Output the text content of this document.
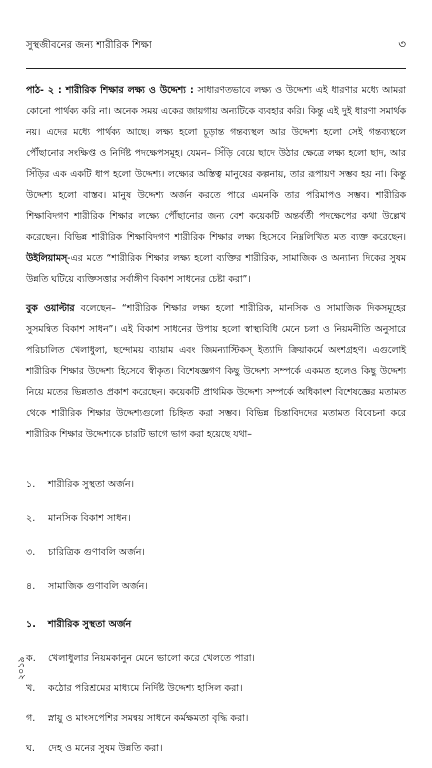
সুস্থজীবনের জন্য শারীরিক শিক্ষা	৩

পাঠ- ২ : শারীরিক শিক্ষার লক্ষ্য ও উদ্দেশ্য : সাধারণতভাবে লক্ষ্য ও উদ্দেশ্য এই ধারণার মধ্যে আমরা কোনো পার্থক্য করি না। অনেক সময় একের জায়গায় অন্যটিকে ব্যবহার করি। কিন্তু এই দুই ধারণা সমার্থক নয়। এদের মধ্যে পার্থক্য আছে। লক্ষ্য হলো চূড়ান্ত গন্তব্যস্থল আর উদ্দেশ্য হলো সেই গন্তব্যস্থলে পৌঁছানোর সংক্ষিপ্ত ও নির্দিষ্ট পদক্ষেপসমূহ। যেমন– সিঁড়ি বেয়ে ছাদে উঠার ক্ষেত্রে লক্ষ্য হলো ছাদ, আর সিঁড়ির এক একটি ধাপ হলো উদ্দেশ্য। লক্ষ্যের অস্তিত্ব মানুষের কল্পনায়, তার রূপায়ণ সম্ভব হয় না। কিন্তু উদ্দেশ্য হলো বাস্তব। মানুষ উদ্দেশ্য অর্জন করতে পারে এমনকি তার পরিমাপও সম্ভব। শারীরিক শিক্ষাবিদগণ শারীরিক শিক্ষার লক্ষ্যে পৌঁছানোর জন্য বেশ কয়েকটি অন্তর্বর্তী পদক্ষেপের কথা উল্লেখ করেছেন। বিভিন্ন শারীরিক শিক্ষাবিদগণ শারীরিক শিক্ষার লক্ষ্য হিসেবে নিম্নলিখিত মত ব্যক্ত করেছেন। উইলিয়ামস্-এর মতে “শারীরিক শিক্ষার লক্ষ্য হলো ব্যক্তির শারীরিক, সামাজিক ও অন্যান্য দিকের সুষম উন্নতি ঘটিয়ে ব্যক্তিসত্তার সর্বাঙ্গীণ বিকাশ সাধনের চেষ্টা করা”।

বুক ওয়াল্টার বলেছেন– “শারীরিক শিক্ষার লক্ষ্য হলো শারীরিক, মানসিক ও সামাজিক দিকসমূহের সুসমন্বিত বিকাশ সাধন”। এই বিকাশ সাধনের উপায় হলো স্বাস্থ্যবিধি মেনে চলা ও নিয়মনীতি অনুসারে পরিচালিত খেলাধুলা, ছন্দোময় ব্যায়াম এবং জিমন্যাস্টিকস্ ইত্যাদি ক্রিয়াকর্মে অংশগ্রহণ। এগুলোই শারীরিক শিক্ষার উদ্দেশ্য হিসেবে স্বীকৃত। বিশেষজ্ঞগণ কিছু উদ্দেশ্য সম্পর্কে একমত হলেও কিছু উদ্দেশ্য নিয়ে মতের ভিন্নতাও প্রকাশ করেছেন। কয়েকটি প্রাথমিক উদ্দেশ্য সম্পর্কে অধিকাংশ বিশেষজ্ঞের মতামত থেকে শারীরিক শিক্ষার উদ্দেশ্যগুলো চিহ্নিত করা সম্ভব। বিভিন্ন চিন্তাবিদদের মতামত বিবেচনা করে শারীরিক শিক্ষার উদ্দেশ্যকে চারটি ভাগে ভাগ করা হয়েছে যথা–

১. শারীরিক সুস্থতা অর্জন।
২. মানসিক বিকাশ সাধন।
৩. চারিত্রিক গুণাবলি অর্জন।
৪. সামাজিক গুণাবলি অর্জন।
১. শারীরিক সুস্থতা অর্জন
ক. খেলাধুলার নিয়মকানুন মেনে ভালো করে খেলতে পারা।
খ. কঠোর পরিশ্রমের মাধ্যমে নির্দিষ্ট উদ্দেশ্য হাসিল করা।
গ. স্নায়ু ও মাংসপেশির সমন্বয় সাধনে কর্মক্ষমতা বৃদ্ধি করা।
ঘ. দেহ ও মনের সুষম উন্নতি করা।
২০১৯
